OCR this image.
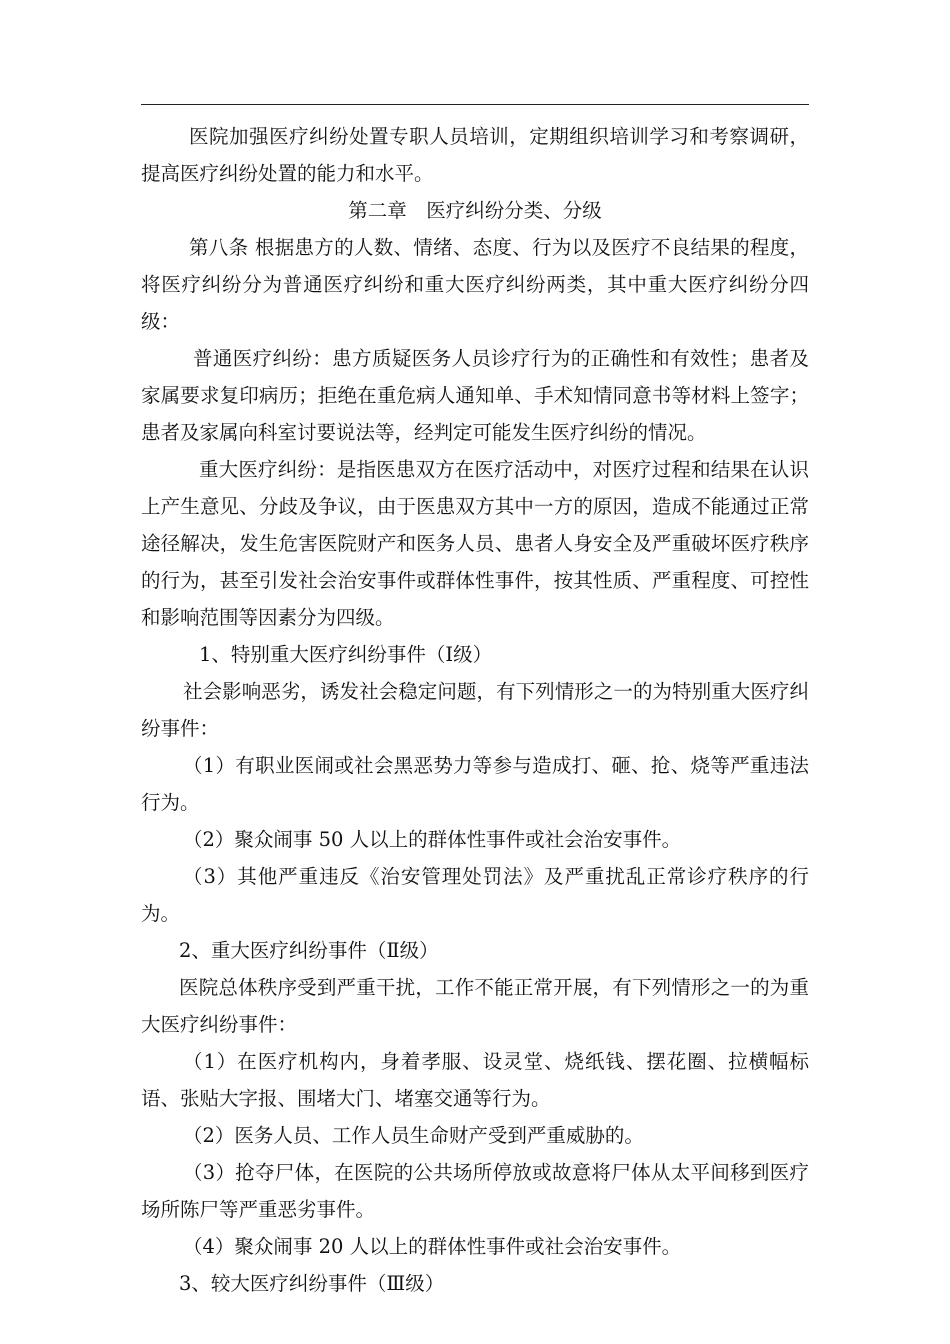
医院加强医疗纠纷处置专职人员培训，定期组织培训学习和考察调研，提高医疗纠纷处置的能力和水平。

第二章　医疗纠纷分类、分级

第八条 根据患方的人数、情绪、态度、行为以及医疗不良结果的程度，将医疗纠纷分为普通医疗纠纷和重大医疗纠纷两类，其中重大医疗纠纷分四级：

普通医疗纠纷：患方质疑医务人员诊疗行为的正确性和有效性；患者及家属要求复印病历；拒绝在重危病人通知单、手术知情同意书等材料上签字；患者及家属向科室讨要说法等，经判定可能发生医疗纠纷的情况。

重大医疗纠纷：是指医患双方在医疗活动中，对医疗过程和结果在认识上产生意见、分歧及争议，由于医患双方其中一方的原因，造成不能通过正常途径解决，发生危害医院财产和医务人员、患者人身安全及严重破坏医疗秩序的行为，甚至引发社会治安事件或群体性事件，按其性质、严重程度、可控性和影响范围等因素分为四级。

1、特别重大医疗纠纷事件（Ⅰ级）

社会影响恶劣，诱发社会稳定问题，有下列情形之一的为特别重大医疗纠纷事件：

（1）有职业医闹或社会黑恶势力等参与造成打、砸、抢、烧等严重违法行为。

（2）聚众闹事 50 人以上的群体性事件或社会治安事件。

（3）其他严重违反《治安管理处罚法》及严重扰乱正常诊疗秩序的行为。

2、重大医疗纠纷事件（Ⅱ级）

医院总体秩序受到严重干扰，工作不能正常开展，有下列情形之一的为重大医疗纠纷事件：

（1）在医疗机构内，身着孝服、设灵堂、烧纸钱、摆花圈、拉横幅标语、张贴大字报、围堵大门、堵塞交通等行为。

（2）医务人员、工作人员生命财产受到严重威胁的。

（3）抢夺尸体，在医院的公共场所停放或故意将尸体从太平间移到医疗场所陈尸等严重恶劣事件。

（4）聚众闹事 20 人以上的群体性事件或社会治安事件。

3、较大医疗纠纷事件（Ⅲ级）
